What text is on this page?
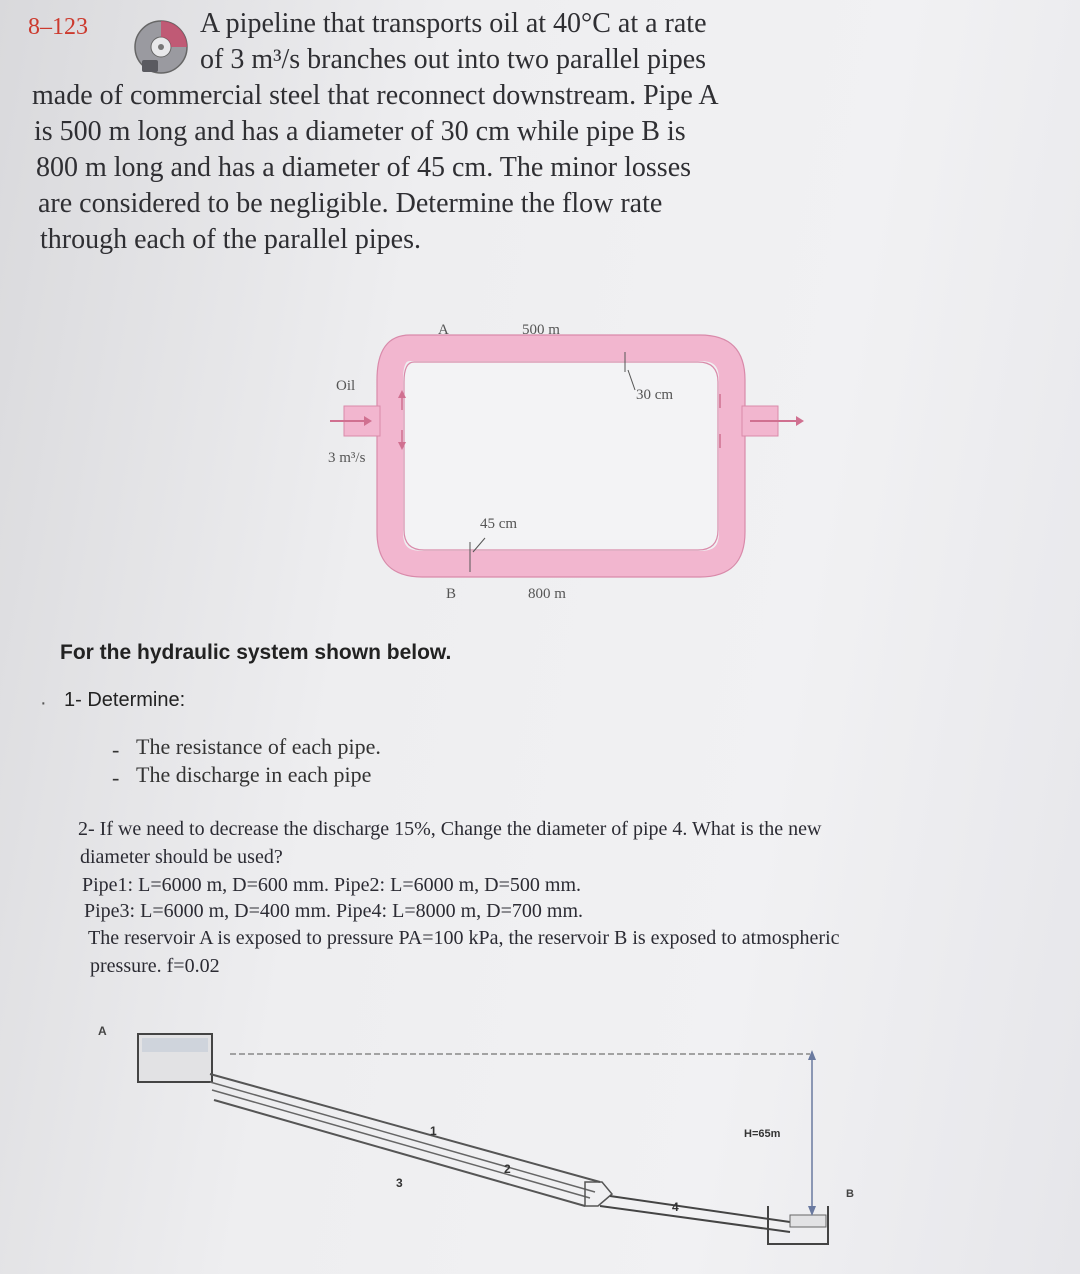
8–123	A pipeline that transports oil at 40°C at a rate
of 3 m³/s branches out into two parallel pipes
made of commercial steel that reconnect downstream. Pipe A
is 500 m long and has a diameter of 30 cm while pipe B is
800 m long and has a diameter of 45 cm. The minor losses
are considered to be negligible. Determine the flow rate
through each of the parallel pipes.
A	500 m
Oil
3 m³/s
30 cm
45 cm
B	800 m
For the hydraulic system shown below.
· 1- Determine:
- The resistance of each pipe.
- The discharge in each pipe
2- If we need to decrease the discharge 15%, Change the diameter of pipe 4. What is the new
diameter should be used?
Pipe1: L=6000 m, D=600 mm. Pipe2: L=6000 m, D=500 mm.
Pipe3: L=6000 m, D=400 mm. Pipe4: L=8000 m, D=700 mm.
The reservoir A is exposed to pressure PA=100 kPa, the reservoir B is exposed to atmospheric
pressure. f=0.02
A
B
H=65m
1
2
3
4
